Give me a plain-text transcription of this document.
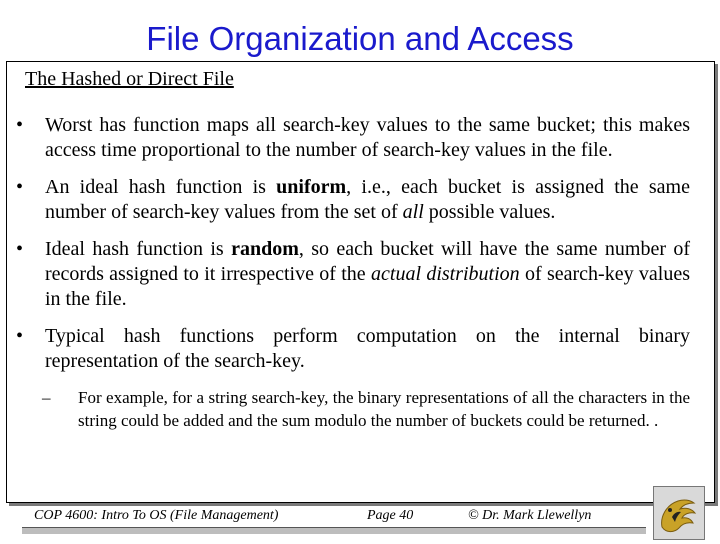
File Organization and Access
The Hashed or Direct File
• Worst has function maps all search-key values to the same bucket; this makes access time proportional to the number of search-key values in the file.
• An ideal hash function is uniform, i.e., each bucket is assigned the same number of search-key values from the set of all possible values.
• Ideal hash function is random, so each bucket will have the same number of records assigned to it irrespective of the actual distribution of search-key values in the file.
• Typical hash functions perform computation on the internal binary representation of the search-key.
– For example, for a string search-key, the binary representations of all the characters in the string could be added and the sum modulo the number of buckets could be returned. .
COP 4600: Intro To OS (File Management)	Page 40	© Dr. Mark Llewellyn
